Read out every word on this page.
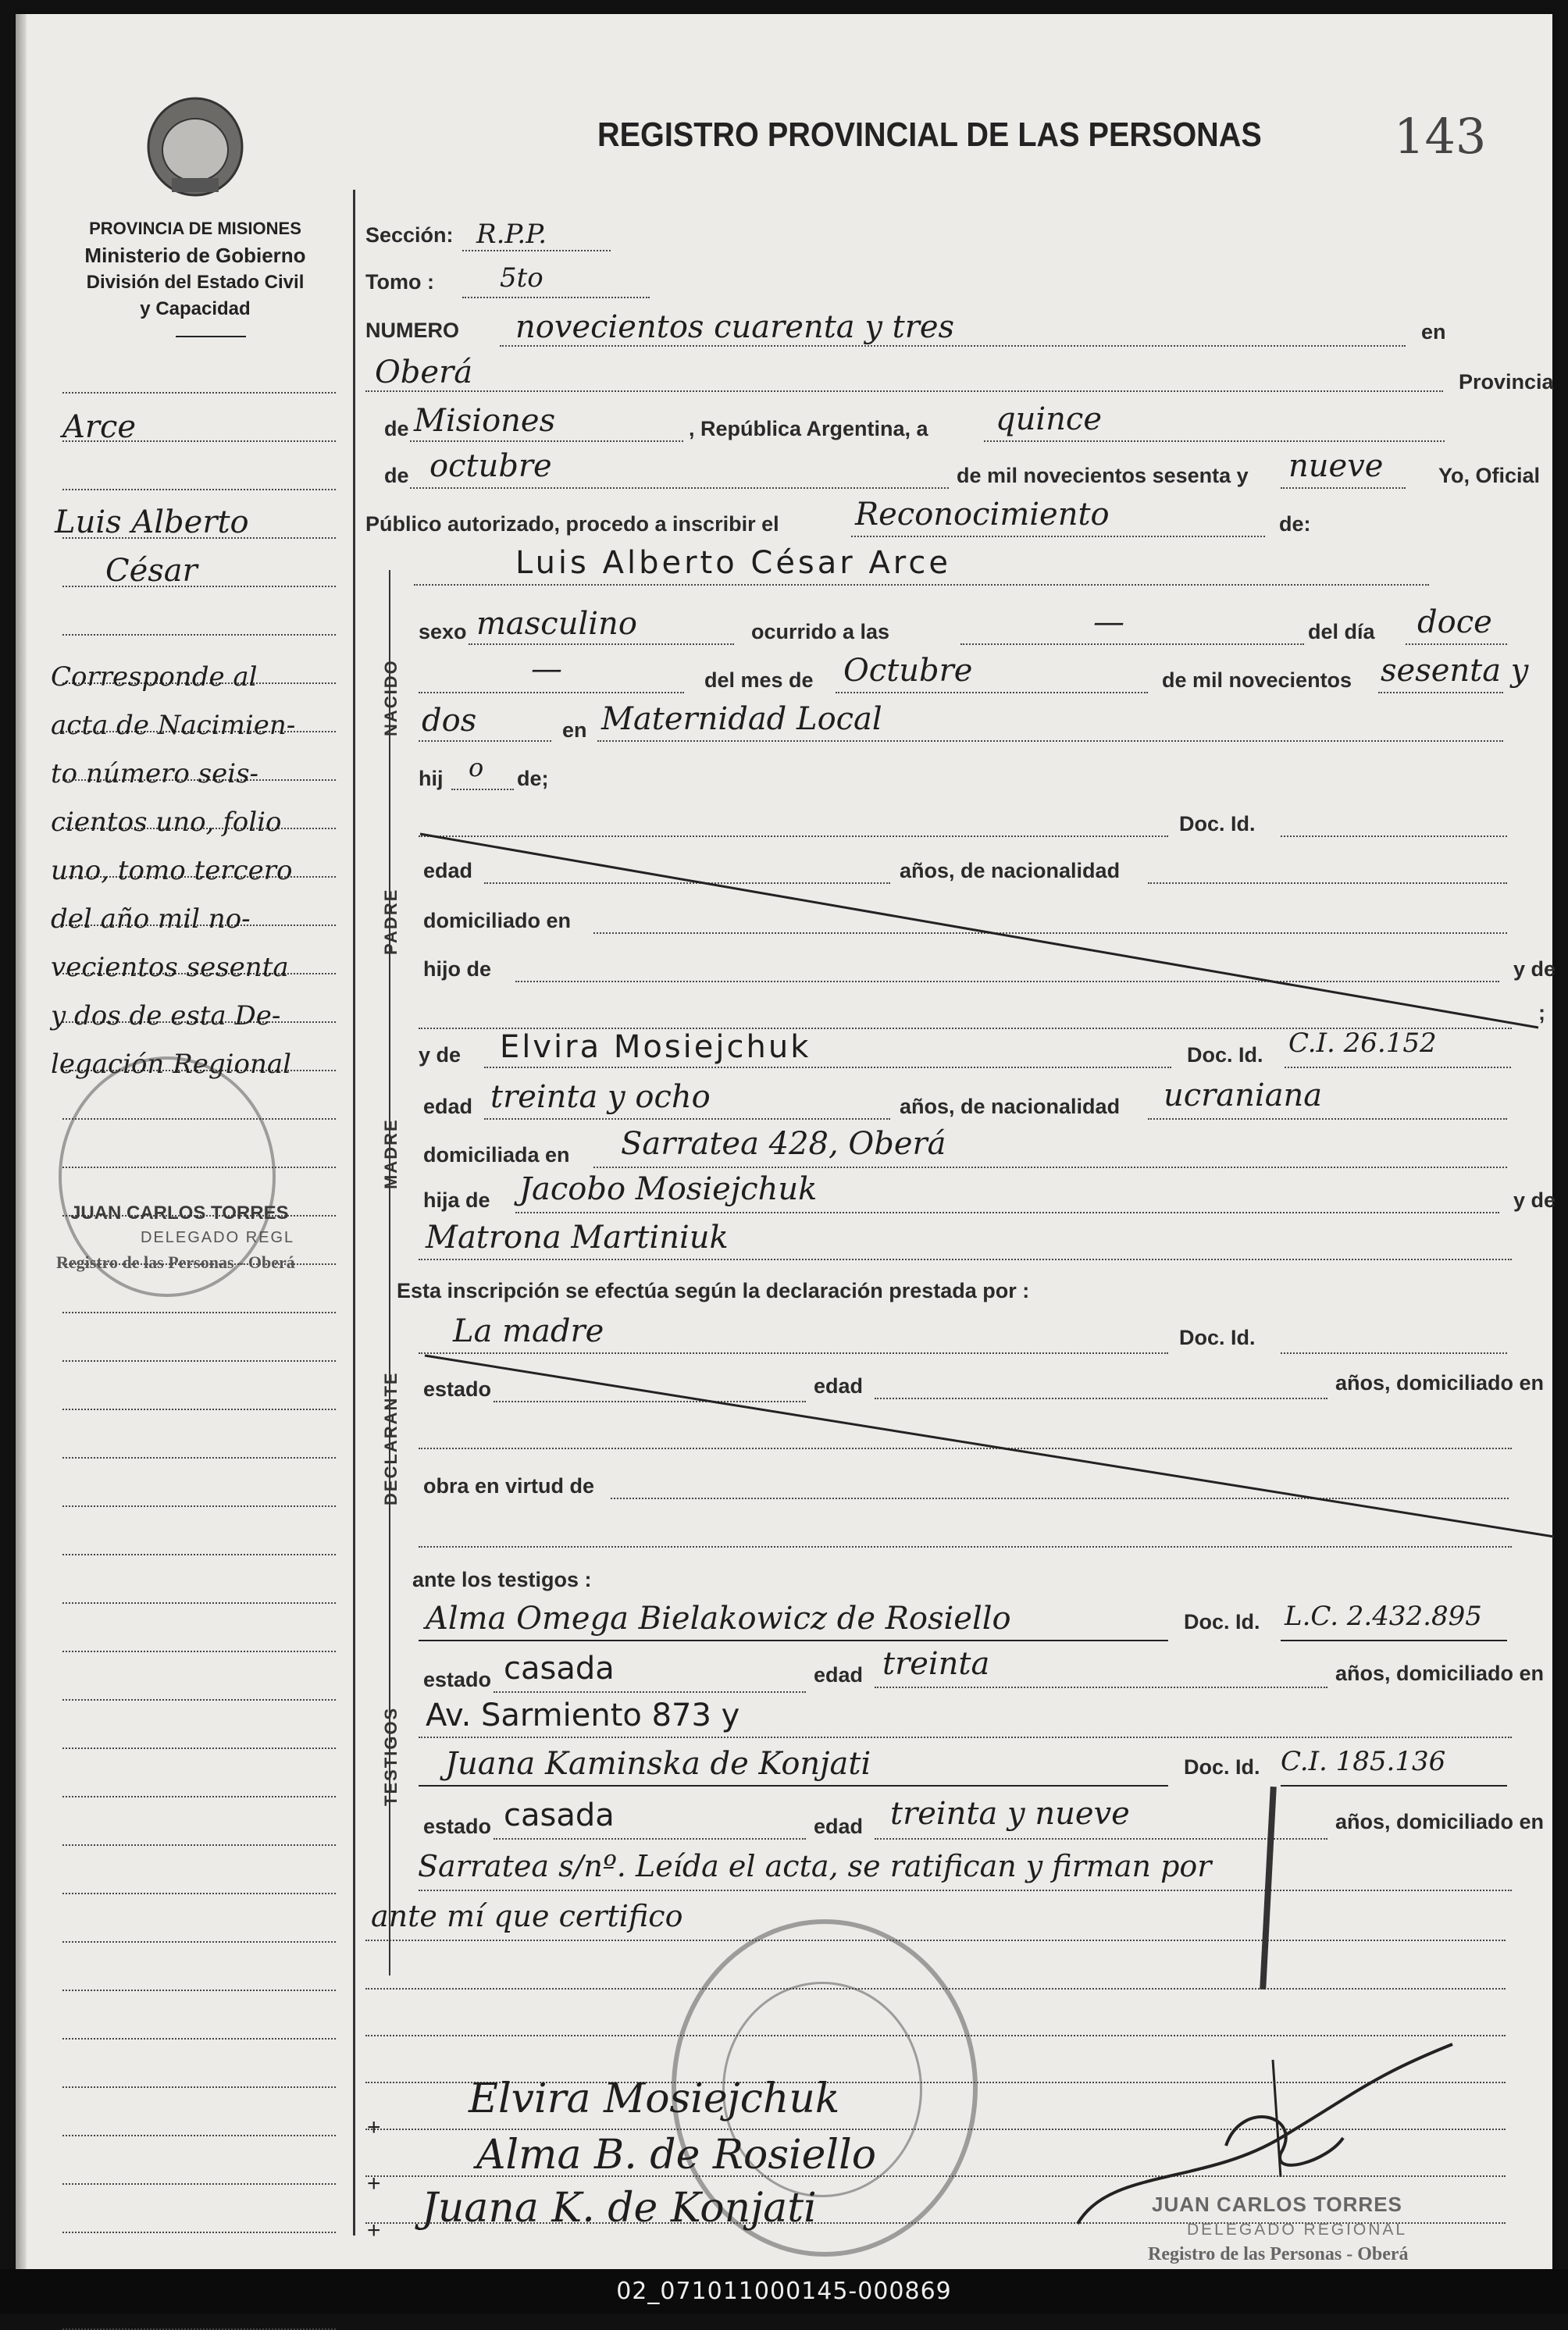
PROVINCIA DE MISIONES
Ministerio de Gobierno
División del Estado Civil
y Capacidad
REGISTRO PROVINCIAL DE LAS PERSONAS	143
Arce
Luis Alberto
César
Corresponde al
acta de Nacimien-
to número seis-
cientos uno, folio
uno, tomo tercero
del año mil no-
vecientos sesenta
y dos de esta De-
legación Regional
JUAN CARLOS TORRES
DELEGADO REGL
Registro de las Personas - Oberá
NACIDO
PADRE
MADRE
DECLARANTE
TESTIGOS
Sección: R.P.P.
Tomo : 5to
NUMERO novecientos cuarenta y tres	en
Oberá	Provincia
de Misiones	, República Argentina, a quince
de octubre	de mil novecientos sesenta y nueve	Yo, Oficial
Público autorizado, procedo a inscribir el Reconocimiento	de:
Luis Alberto César Arce
sexo masculino	ocurrido a las	—	del día doce
—	del mes de Octubre	de mil novecientos sesenta y
dos	en Maternidad Local
hij o de;
Doc. Id.
edad	años, de nacionalidad
domiciliado en
hijo de	y de
;
y de Elvira Mosiejchuk	Doc. Id. C.I. 26.152
edad treinta y ocho	años, de nacionalidad ucraniana
domiciliada en Sarratea 428, Oberá
hija de Jacobo Mosiejchuk	y de
Matrona Martiniuk
Esta inscripción se efectúa según la declaración prestada por :
La madre	Doc. Id.
estado	edad	años, domiciliado en
obra en virtud de
ante los testigos :
Alma Omega Bielakowicz de Rosiello	Doc. Id. L.C. 2.432.895
estado casada	edad treinta	años, domiciliado en
Av. Sarmiento 873 y
Juana Kaminska de Konjati	Doc. Id. C.I. 185.136
estado casada	edad treinta y nueve	años, domiciliado en
Sarratea s/nº. Leída el acta, se ratifican y firman por
ante mí que certifico
Elvira Mosiejchuk
Alma B. de Rosiello
Juana K. de Konjati
+
+
+
JUAN CARLOS TORRES
DELEGADO REGIONAL
Registro de las Personas - Oberá
02_071011000145-000869
